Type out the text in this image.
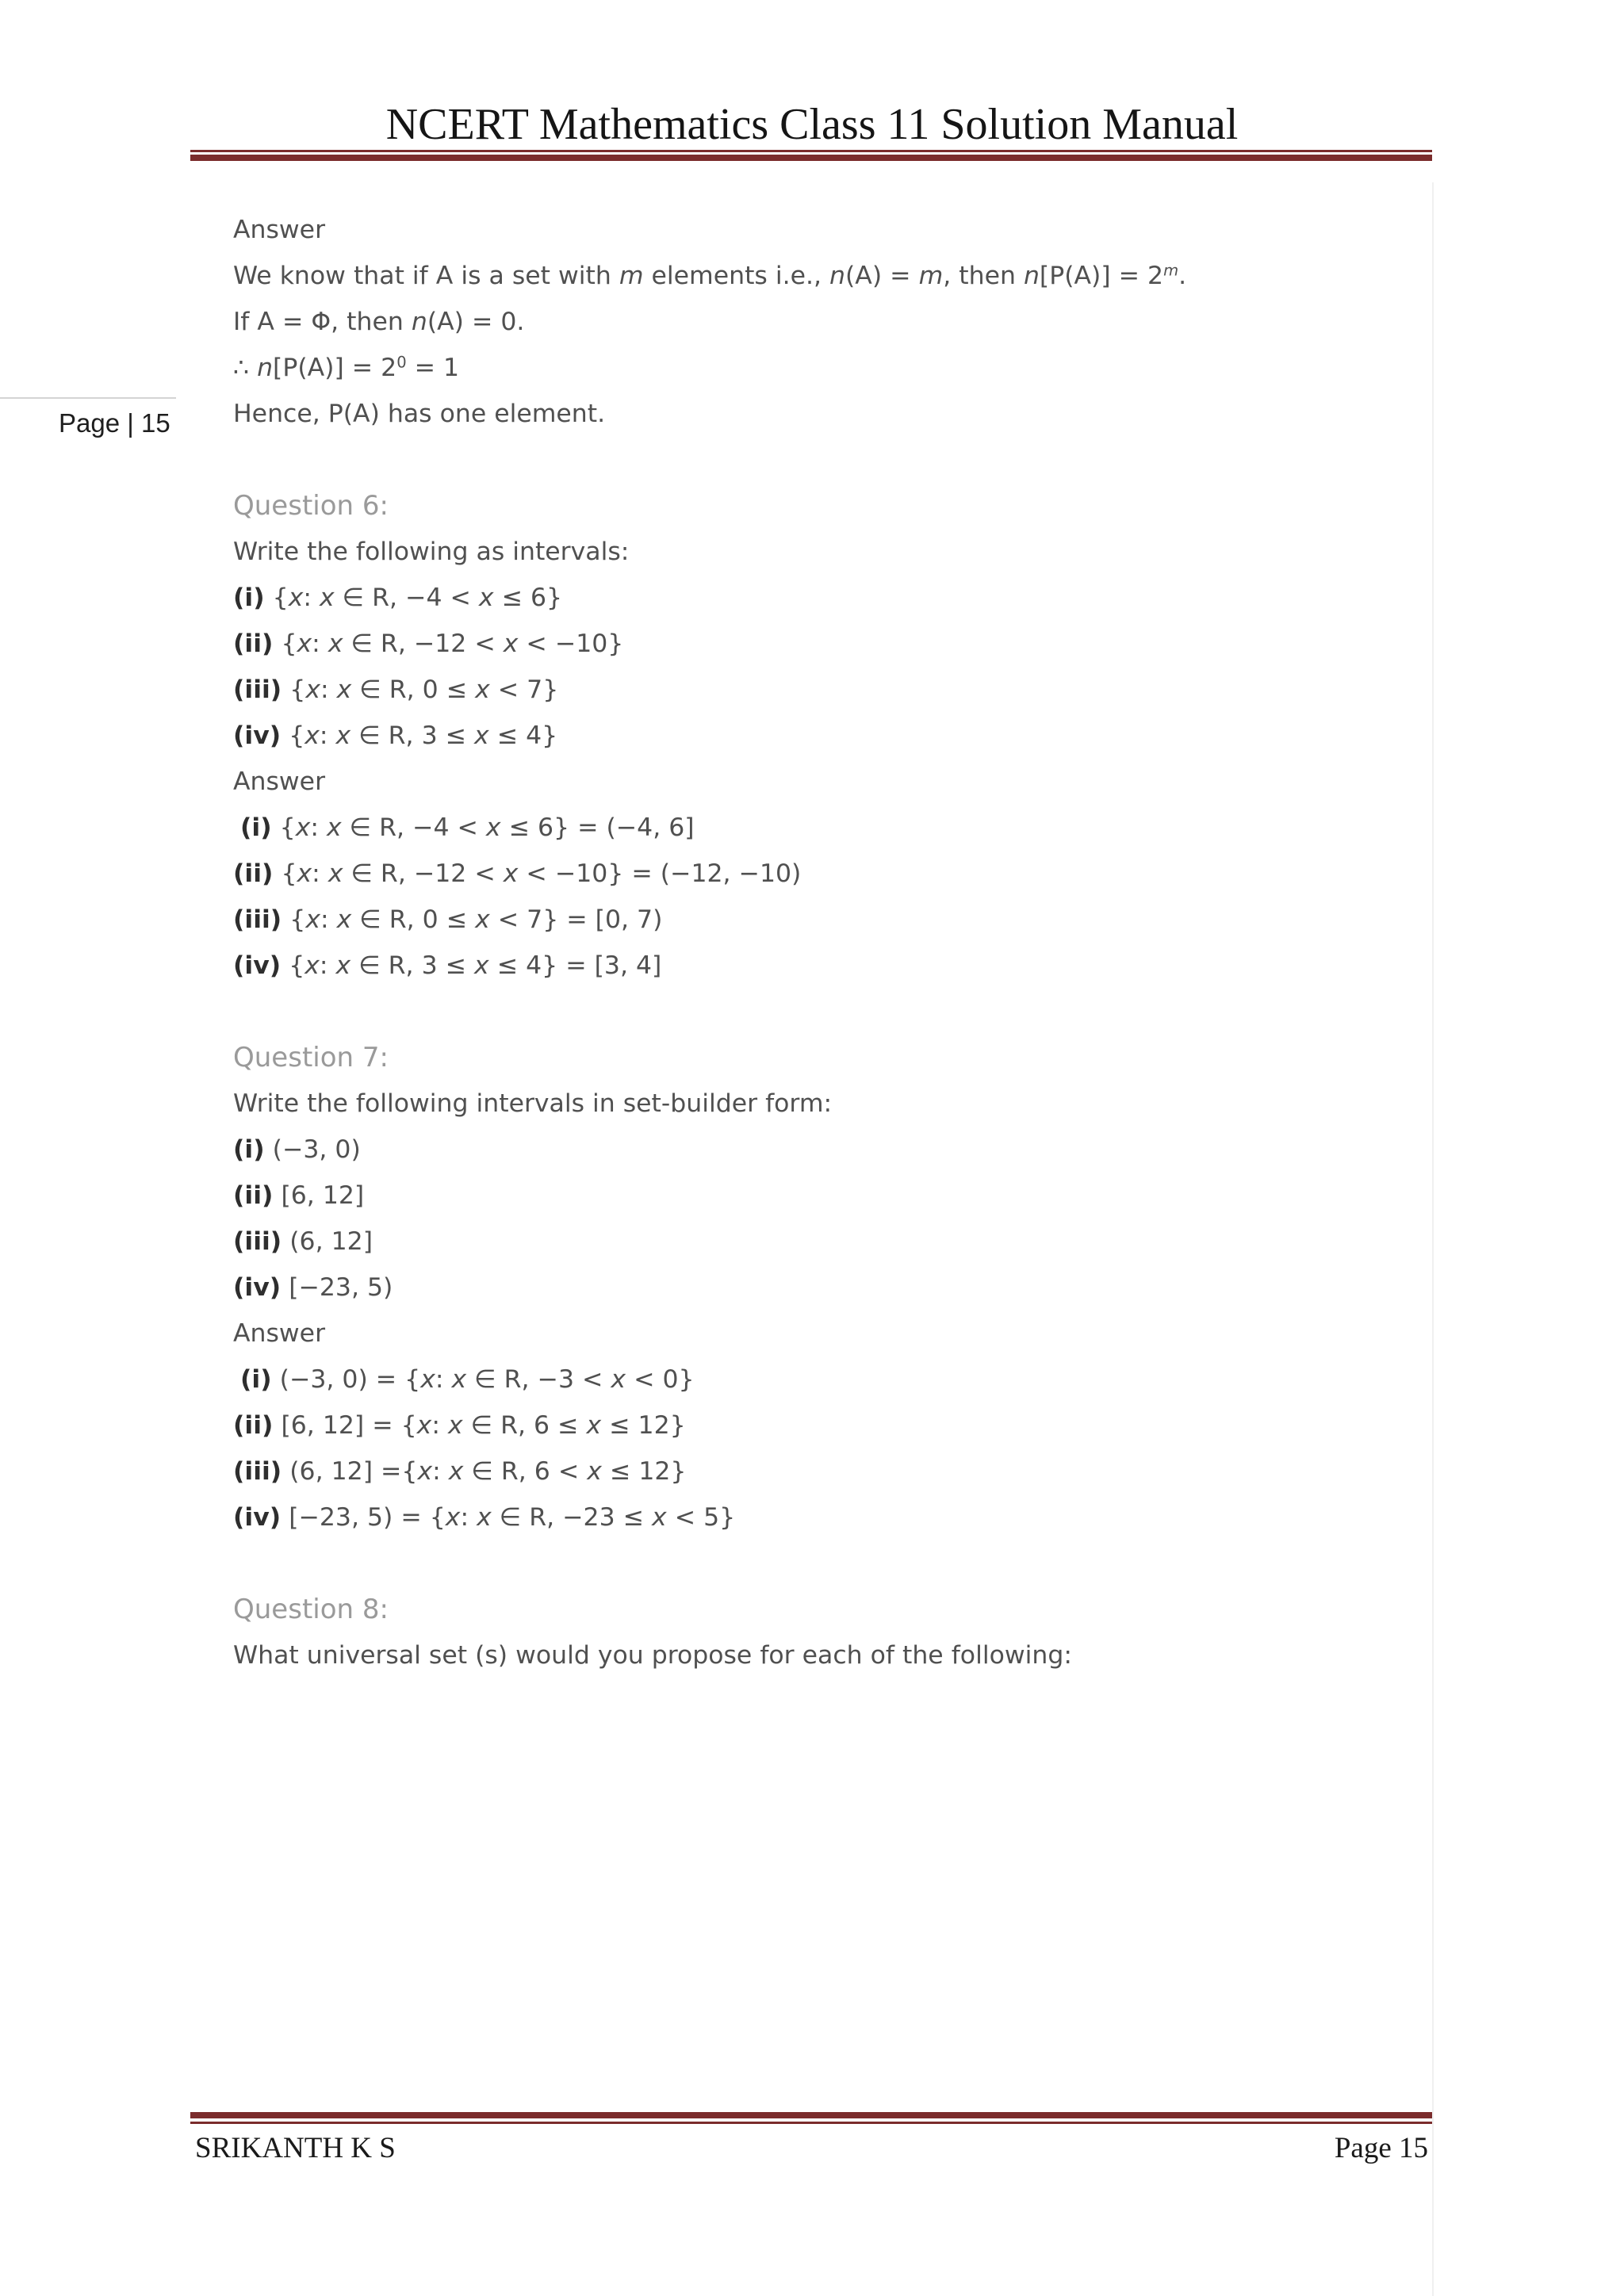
NCERT Mathematics Class 11 Solution Manual
Page | 15
Answer
We know that if A is a set with m elements i.e., n(A) = m, then $n[P(A)] = 2^m$.
If A = Φ, then n(A) = 0.
∴ $n[P(A)] = 2^0 = 1$
Hence, P(A) has one element.
Question 6:
Write the following as intervals:
(i) {x: x ∈ R, −4 < x ≤ 6}
(ii) {x: x ∈ R, −12 < x < −10}
(iii) {x: x ∈ R, 0 ≤ x < 7}
(iv) {x: x ∈ R, 3 ≤ x ≤ 4}
Answer
(i) {x: x ∈ R, −4 < x ≤ 6} = (−4, 6]
(ii) {x: x ∈ R, −12 < x < −10} = (−12, −10)
(iii) {x: x ∈ R, 0 ≤ x < 7} = [0, 7)
(iv) {x: x ∈ R, 3 ≤ x ≤ 4} = [3, 4]
Question 7:
Write the following intervals in set-builder form:
(i) (−3, 0)
(ii) [6, 12]
(iii) (6, 12]
(iv) [−23, 5)
Answer
(i) (−3, 0) = {x: x ∈ R, −3 < x < 0}
(ii) [6, 12] = {x: x ∈ R, 6 ≤ x ≤ 12}
(iii) (6, 12] ={x: x ∈ R, 6 < x ≤ 12}
(iv) [−23, 5) = {x: x ∈ R, −23 ≤ x < 5}
Question 8:
What universal set (s) would you propose for each of the following:
SRIKANTH K S	Page 15
